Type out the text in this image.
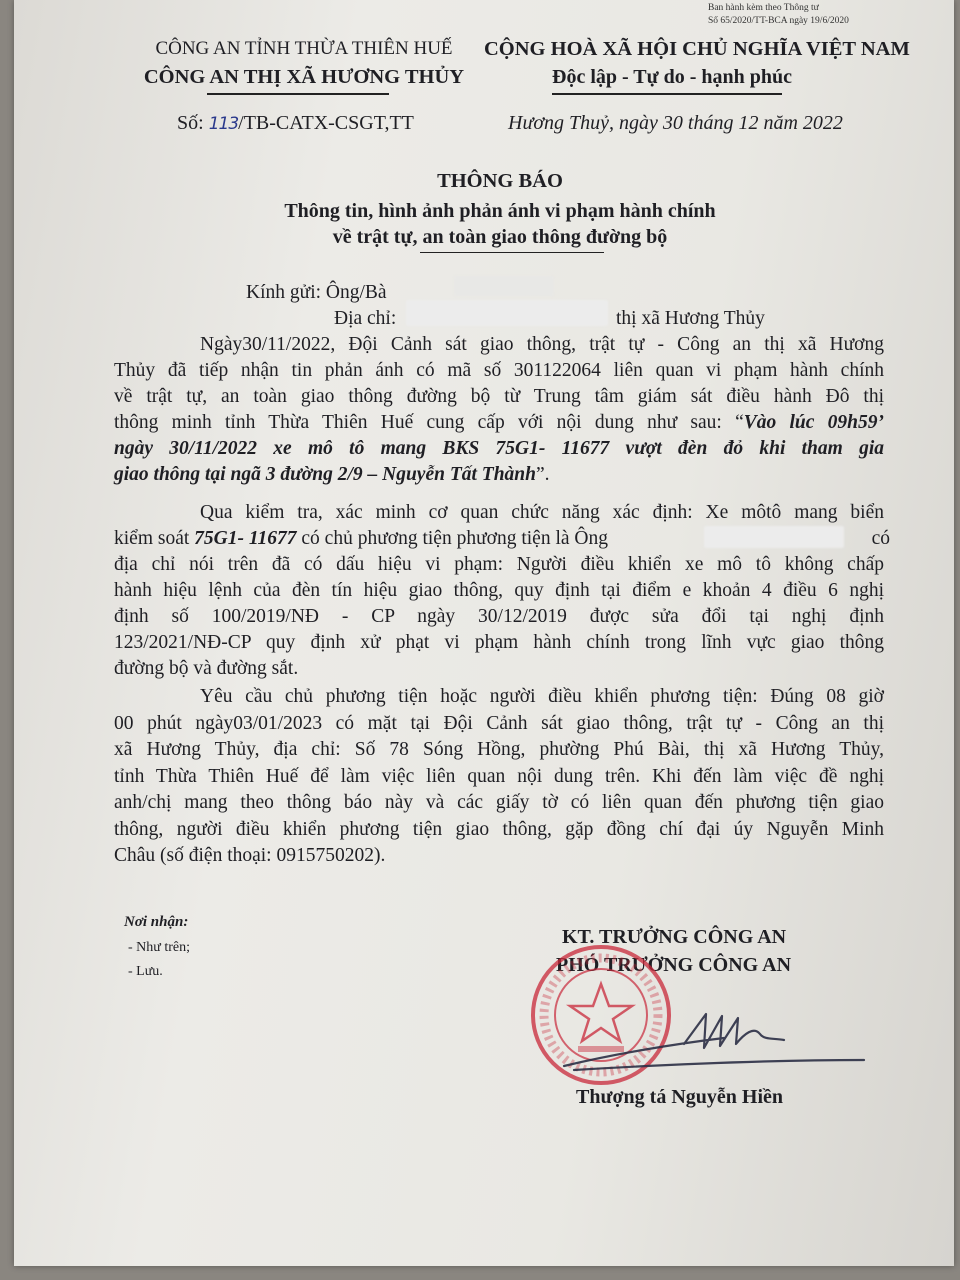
Ban hành kèm theo Thông tư
Số 65/2020/TT-BCA ngày 19/6/2020
CÔNG AN TỈNH THỪA THIÊN HUẾ
CÔNG AN THỊ XÃ HƯƠNG THỦY
Số: 113/TB-CATX-CSGT,TT
CỘNG HOÀ XÃ HỘI CHỦ NGHĨA VIỆT NAM
Độc lập - Tự do - hạnh phúc
Hương Thuỷ, ngày 30 tháng 12 năm 2022
THÔNG BÁO
Thông tin, hình ảnh phản ánh vi phạm hành chính
về trật tự, an toàn giao thông đường bộ
Kính gửi: Ông/Bà
Địa chỉ:	thị xã Hương Thủy

Ngày30/11/2022, Đội Cảnh sát giao thông, trật tự - Công an thị xã Hương

Thủy đã tiếp nhận tin phản ánh có mã số 301122064 liên quan vi phạm hành chính

về trật tự, an toàn giao thông đường bộ từ Trung tâm giám sát điều hành Đô thị

thông minh tỉnh Thừa Thiên Huế cung cấp với nội dung như sau: “Vào lúc 09h59’

ngày 30/11/2022 xe mô tô mang BKS 75G1- 11677 vượt đèn đỏ khi tham gia

giao thông tại ngã 3 đường 2/9 – Nguyễn Tất Thành”.

Qua kiểm tra, xác minh cơ quan chức năng xác định: Xe môtô mang biển

kiểm soát 75G1- 11677 có chủ phương tiện phương tiện là Ông	có

địa chỉ nói trên đã có dấu hiệu vi phạm: Người điều khiển xe mô tô không chấp

hành hiệu lệnh của đèn tín hiệu giao thông, quy định tại điểm e khoản 4 điều 6 nghị

định số 100/2019/NĐ - CP ngày 30/12/2019 được sửa đổi tại nghị định

123/2021/NĐ-CP quy định xử phạt vi phạm hành chính trong lĩnh vực giao thông

đường bộ và đường sắt.

Yêu cầu chủ phương tiện hoặc người điều khiển phương tiện: Đúng 08 giờ

00 phút ngày03/01/2023 có mặt tại Đội Cảnh sát giao thông, trật tự - Công an thị

xã Hương Thủy, địa chỉ: Số 78 Sóng Hồng, phường Phú Bài, thị xã Hương Thủy,

tỉnh Thừa Thiên Huế để làm việc liên quan nội dung trên. Khi đến làm việc đề nghị

anh/chị mang theo thông báo này và các giấy tờ có liên quan đến phương tiện giao

thông, người điều khiển phương tiện giao thông, gặp đồng chí đại úy Nguyễn Minh

Châu (số điện thoại: 0915750202).

Nơi nhận:
- Như trên;
- Lưu.
KT. TRƯỞNG CÔNG AN
PHÓ TRƯỞNG CÔNG AN
Thượng tá Nguyễn Hiền
